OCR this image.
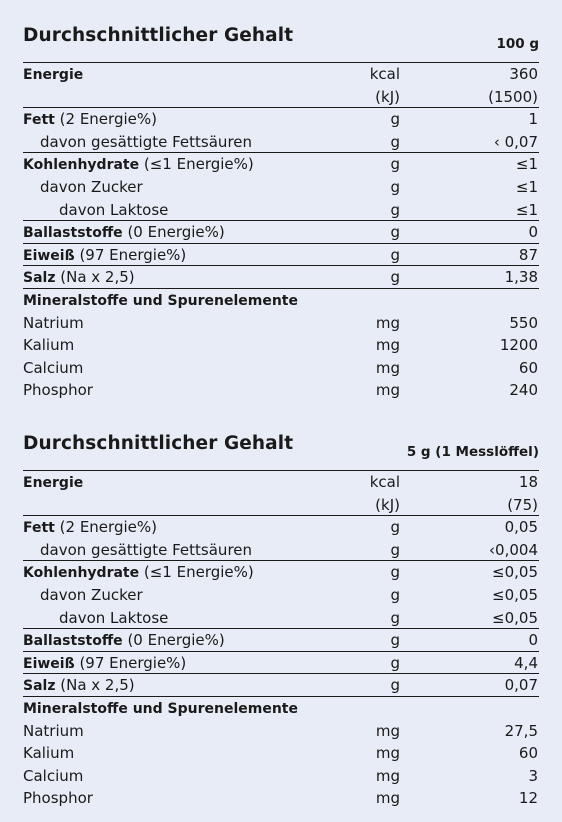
Durchschnittlicher Gehalt	100 g
Energie	kcal	360
(kJ)	(1500)
Fett (2 Energie%)	g	1
davon gesättigte Fettsäuren	g	‹ 0,07
Kohlenhydrate (≤1 Energie%)	g	≤1
davon Zucker	g	≤1
davon Laktose	g	≤1
Ballaststoffe (0 Energie%)	g	0
Eiweiß (97 Energie%)	g	87
Salz (Na x 2,5)	g	1,38
Mineralstoffe und Spurenelemente
Natrium	mg	550
Kalium	mg	1200
Calcium	mg	60
Phosphor	mg	240
Durchschnittlicher Gehalt	5 g (1 Messlöffel)
Energie	kcal	18
(kJ)	(75)
Fett (2 Energie%)	g	0,05
davon gesättigte Fettsäuren	g	‹0,004
Kohlenhydrate (≤1 Energie%)	g	≤0,05
davon Zucker	g	≤0,05
davon Laktose	g	≤0,05
Ballaststoffe (0 Energie%)	g	0
Eiweiß (97 Energie%)	g	4,4
Salz (Na x 2,5)	g	0,07
Mineralstoffe und Spurenelemente
Natrium	mg	27,5
Kalium	mg	60
Calcium	mg	3
Phosphor	mg	12
